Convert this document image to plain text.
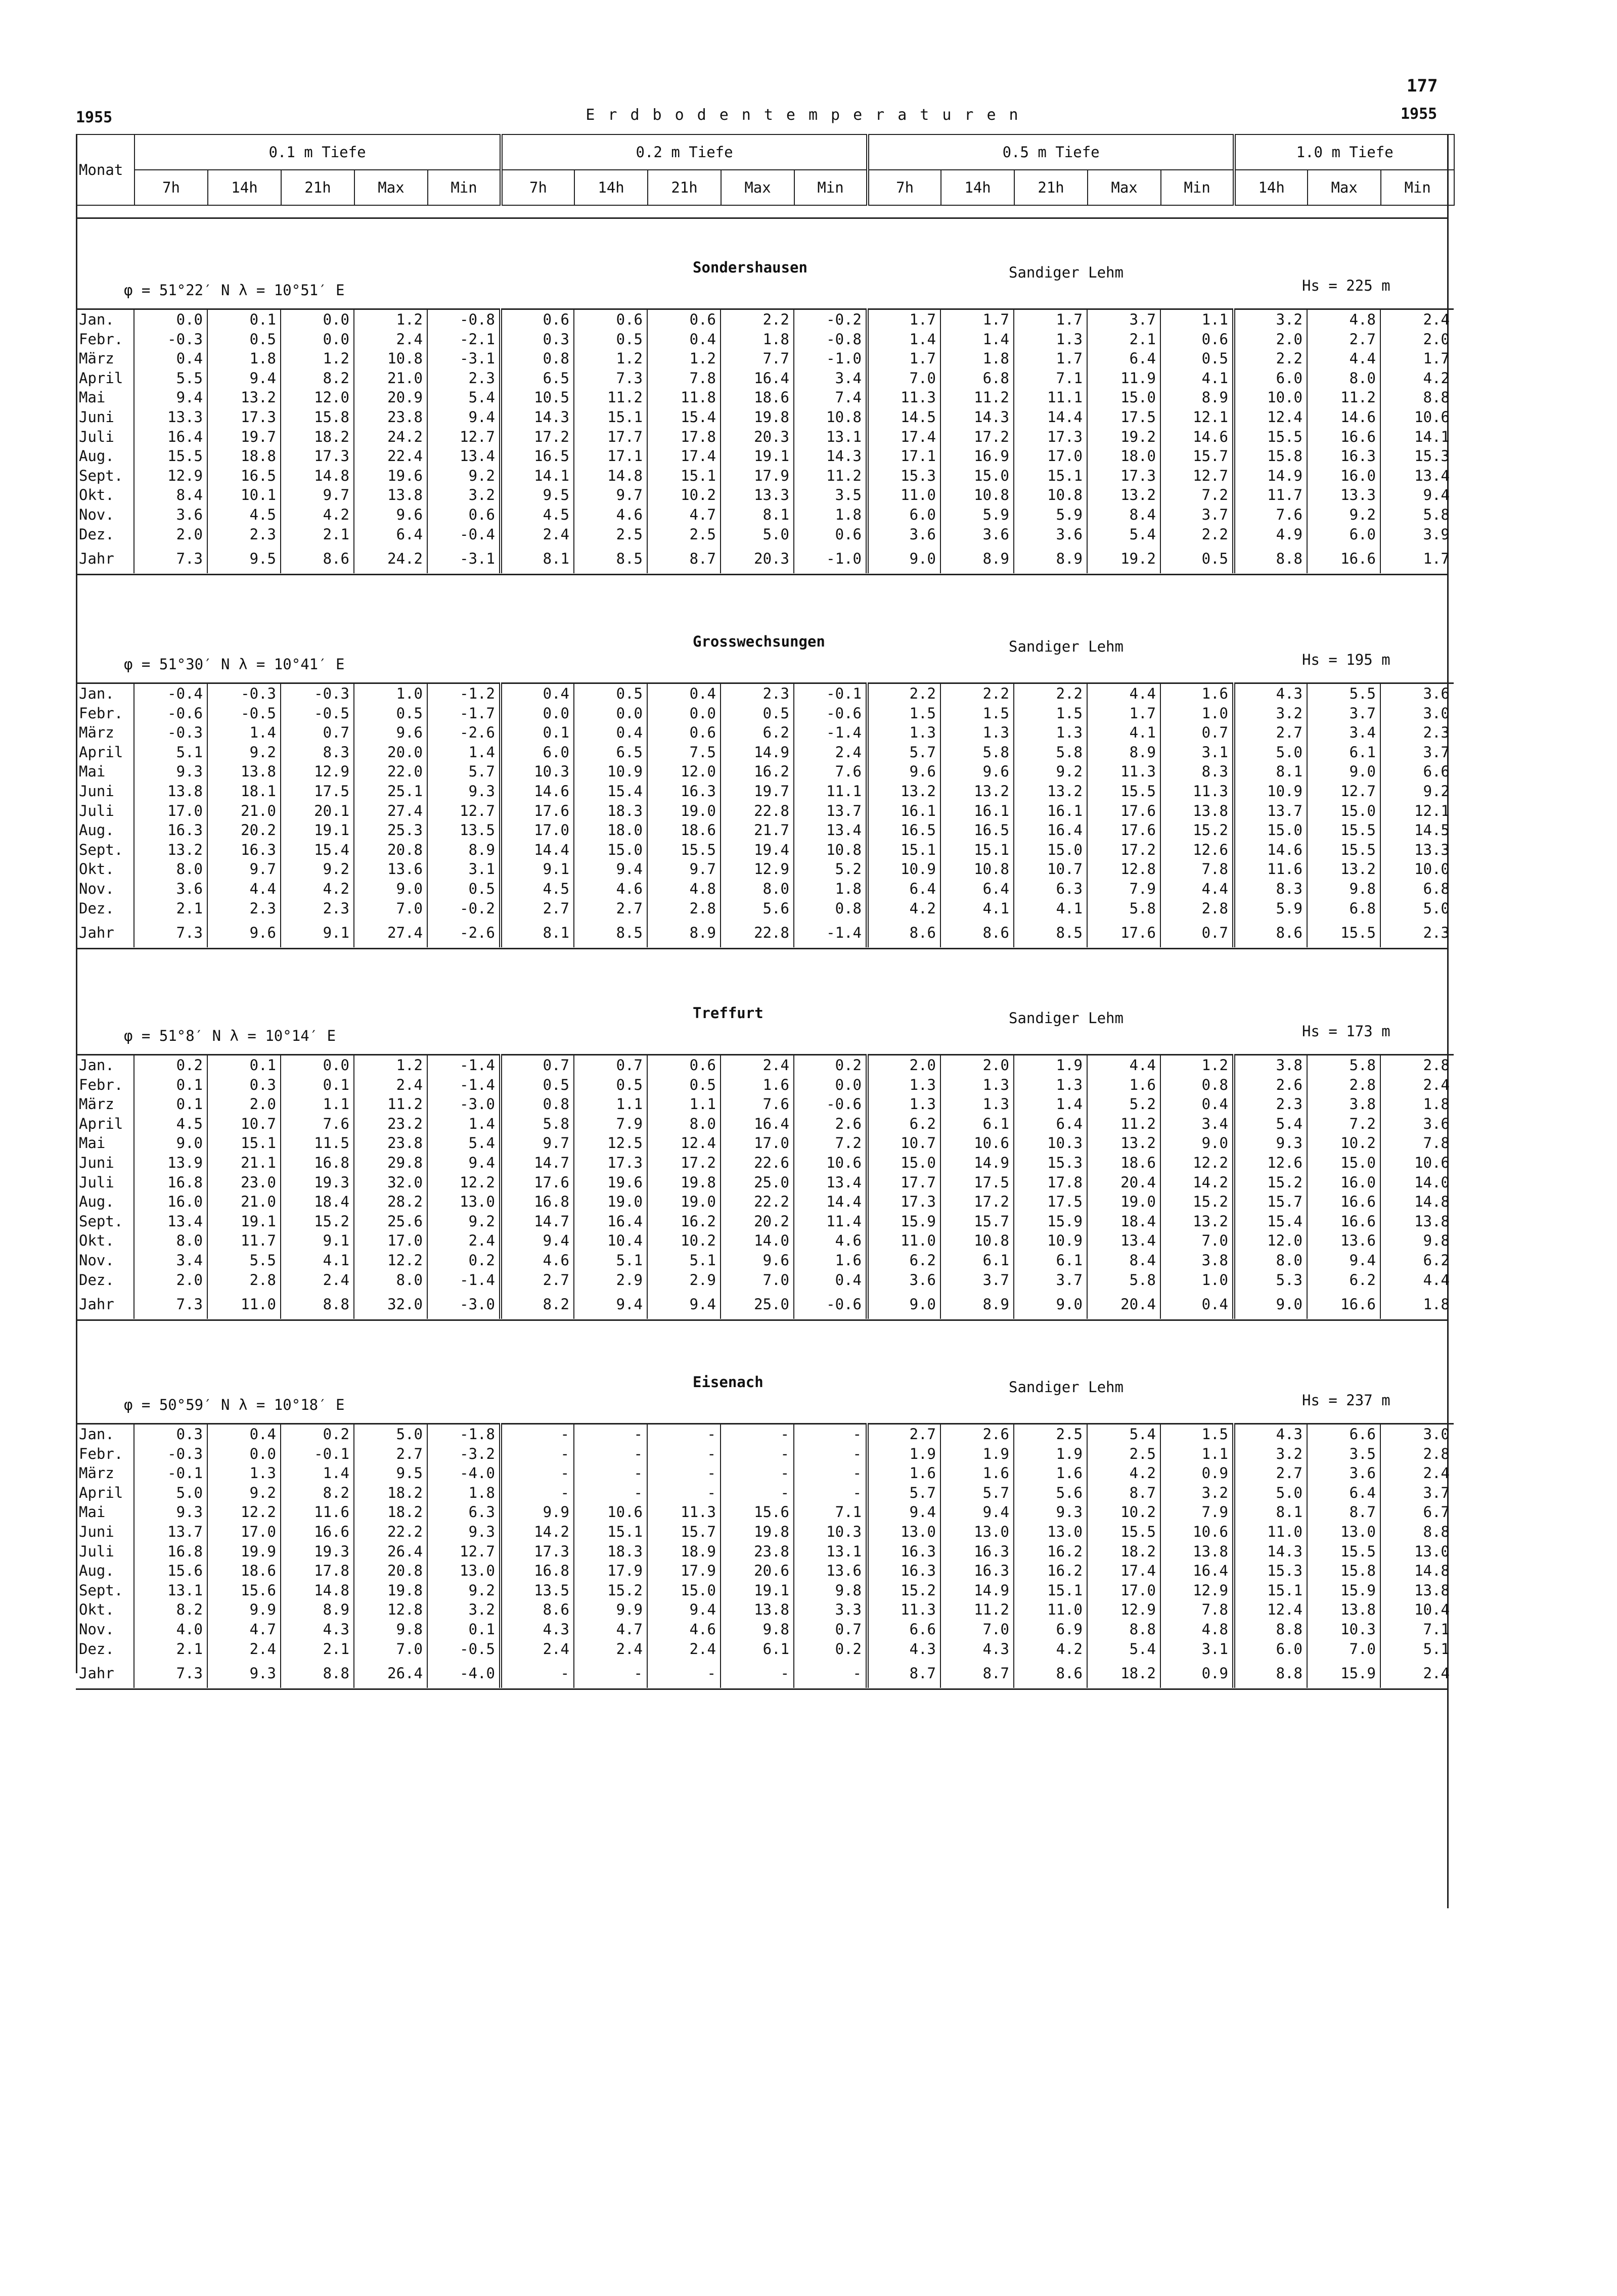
1955	Erdbodentemperaturen
177
1955
Monat	0.1 m Tiefe					0.2 m Tiefe					0.5 m Tiefe					1.0 m Tiefe		
	7h	14h	21h	Max	Min	7h	14h	21h	Max	Min	7h	14h	21h	Max	Min	14h	Max	Min
Sondershausen
φ = 51°22′ N λ = 10°51′ E
Sandiger Lehm
Hs = 225 m
Jan.	0.0	0.1	0.0	1.2	-0.8	0.6	0.6	0.6	2.2	-0.2	1.7	1.7	1.7	3.7	1.1	3.2	4.8	2.4
Febr.	-0.3	0.5	0.0	2.4	-2.1	0.3	0.5	0.4	1.8	-0.8	1.4	1.4	1.3	2.1	0.6	2.0	2.7	2.0
März	0.4	1.8	1.2	10.8	-3.1	0.8	1.2	1.2	7.7	-1.0	1.7	1.8	1.7	6.4	0.5	2.2	4.4	1.7
April	5.5	9.4	8.2	21.0	2.3	6.5	7.3	7.8	16.4	3.4	7.0	6.8	7.1	11.9	4.1	6.0	8.0	4.2
Mai	9.4	13.2	12.0	20.9	5.4	10.5	11.2	11.8	18.6	7.4	11.3	11.2	11.1	15.0	8.9	10.0	11.2	8.8
Juni	13.3	17.3	15.8	23.8	9.4	14.3	15.1	15.4	19.8	10.8	14.5	14.3	14.4	17.5	12.1	12.4	14.6	10.6
Juli	16.4	19.7	18.2	24.2	12.7	17.2	17.7	17.8	20.3	13.1	17.4	17.2	17.3	19.2	14.6	15.5	16.6	14.1
Aug.	15.5	18.8	17.3	22.4	13.4	16.5	17.1	17.4	19.1	14.3	17.1	16.9	17.0	18.0	15.7	15.8	16.3	15.3
Sept.	12.9	16.5	14.8	19.6	9.2	14.1	14.8	15.1	17.9	11.2	15.3	15.0	15.1	17.3	12.7	14.9	16.0	13.4
Okt.	8.4	10.1	9.7	13.8	3.2	9.5	9.7	10.2	13.3	3.5	11.0	10.8	10.8	13.2	7.2	11.7	13.3	9.4
Nov.	3.6	4.5	4.2	9.6	0.6	4.5	4.6	4.7	8.1	1.8	6.0	5.9	5.9	8.4	3.7	7.6	9.2	5.8
Dez.	2.0	2.3	2.1	6.4	-0.4	2.4	2.5	2.5	5.0	0.6	3.6	3.6	3.6	5.4	2.2	4.9	6.0	3.9
Jahr	7.3	9.5	8.6	24.2	-3.1	8.1	8.5	8.7	20.3	-1.0	9.0	8.9	8.9	19.2	0.5	8.8	16.6	1.7
Grosswechsungen
φ = 51°30′ N λ = 10°41′ E
Sandiger Lehm
Hs = 195 m
Jan.	-0.4	-0.3	-0.3	1.0	-1.2	0.4	0.5	0.4	2.3	-0.1	2.2	2.2	2.2	4.4	1.6	4.3	5.5	3.6
Febr.	-0.6	-0.5	-0.5	0.5	-1.7	0.0	0.0	0.0	0.5	-0.6	1.5	1.5	1.5	1.7	1.0	3.2	3.7	3.0
März	-0.3	1.4	0.7	9.6	-2.6	0.1	0.4	0.6	6.2	-1.4	1.3	1.3	1.3	4.1	0.7	2.7	3.4	2.3
April	5.1	9.2	8.3	20.0	1.4	6.0	6.5	7.5	14.9	2.4	5.7	5.8	5.8	8.9	3.1	5.0	6.1	3.7
Mai	9.3	13.8	12.9	22.0	5.7	10.3	10.9	12.0	16.2	7.6	9.6	9.6	9.2	11.3	8.3	8.1	9.0	6.6
Juni	13.8	18.1	17.5	25.1	9.3	14.6	15.4	16.3	19.7	11.1	13.2	13.2	13.2	15.5	11.3	10.9	12.7	9.2
Juli	17.0	21.0	20.1	27.4	12.7	17.6	18.3	19.0	22.8	13.7	16.1	16.1	16.1	17.6	13.8	13.7	15.0	12.1
Aug.	16.3	20.2	19.1	25.3	13.5	17.0	18.0	18.6	21.7	13.4	16.5	16.5	16.4	17.6	15.2	15.0	15.5	14.5
Sept.	13.2	16.3	15.4	20.8	8.9	14.4	15.0	15.5	19.4	10.8	15.1	15.1	15.0	17.2	12.6	14.6	15.5	13.3
Okt.	8.0	9.7	9.2	13.6	3.1	9.1	9.4	9.7	12.9	5.2	10.9	10.8	10.7	12.8	7.8	11.6	13.2	10.0
Nov.	3.6	4.4	4.2	9.0	0.5	4.5	4.6	4.8	8.0	1.8	6.4	6.4	6.3	7.9	4.4	8.3	9.8	6.8
Dez.	2.1	2.3	2.3	7.0	-0.2	2.7	2.7	2.8	5.6	0.8	4.2	4.1	4.1	5.8	2.8	5.9	6.8	5.0
Jahr	7.3	9.6	9.1	27.4	-2.6	8.1	8.5	8.9	22.8	-1.4	8.6	8.6	8.5	17.6	0.7	8.6	15.5	2.3
Treffurt
φ = 51°8′ N λ = 10°14′ E
Sandiger Lehm
Hs = 173 m
Jan.	0.2	0.1	0.0	1.2	-1.4	0.7	0.7	0.6	2.4	0.2	2.0	2.0	1.9	4.4	1.2	3.8	5.8	2.8
Febr.	0.1	0.3	0.1	2.4	-1.4	0.5	0.5	0.5	1.6	0.0	1.3	1.3	1.3	1.6	0.8	2.6	2.8	2.4
März	0.1	2.0	1.1	11.2	-3.0	0.8	1.1	1.1	7.6	-0.6	1.3	1.3	1.4	5.2	0.4	2.3	3.8	1.8
April	4.5	10.7	7.6	23.2	1.4	5.8	7.9	8.0	16.4	2.6	6.2	6.1	6.4	11.2	3.4	5.4	7.2	3.6
Mai	9.0	15.1	11.5	23.8	5.4	9.7	12.5	12.4	17.0	7.2	10.7	10.6	10.3	13.2	9.0	9.3	10.2	7.8
Juni	13.9	21.1	16.8	29.8	9.4	14.7	17.3	17.2	22.6	10.6	15.0	14.9	15.3	18.6	12.2	12.6	15.0	10.6
Juli	16.8	23.0	19.3	32.0	12.2	17.6	19.6	19.8	25.0	13.4	17.7	17.5	17.8	20.4	14.2	15.2	16.0	14.0
Aug.	16.0	21.0	18.4	28.2	13.0	16.8	19.0	19.0	22.2	14.4	17.3	17.2	17.5	19.0	15.2	15.7	16.6	14.8
Sept.	13.4	19.1	15.2	25.6	9.2	14.7	16.4	16.2	20.2	11.4	15.9	15.7	15.9	18.4	13.2	15.4	16.6	13.8
Okt.	8.0	11.7	9.1	17.0	2.4	9.4	10.4	10.2	14.0	4.6	11.0	10.8	10.9	13.4	7.0	12.0	13.6	9.8
Nov.	3.4	5.5	4.1	12.2	0.2	4.6	5.1	5.1	9.6	1.6	6.2	6.1	6.1	8.4	3.8	8.0	9.4	6.2
Dez.	2.0	2.8	2.4	8.0	-1.4	2.7	2.9	2.9	7.0	0.4	3.6	3.7	3.7	5.8	1.0	5.3	6.2	4.4
Jahr	7.3	11.0	8.8	32.0	-3.0	8.2	9.4	9.4	25.0	-0.6	9.0	8.9	9.0	20.4	0.4	9.0	16.6	1.8
Eisenach
φ = 50°59′ N λ = 10°18′ E
Sandiger Lehm
Hs = 237 m
Jan.	0.3	0.4	0.2	5.0	-1.8	-	-	-	-	-	2.7	2.6	2.5	5.4	1.5	4.3	6.6	3.0
Febr.	-0.3	0.0	-0.1	2.7	-3.2	-	-	-	-	-	1.9	1.9	1.9	2.5	1.1	3.2	3.5	2.8
März	-0.1	1.3	1.4	9.5	-4.0	-	-	-	-	-	1.6	1.6	1.6	4.2	0.9	2.7	3.6	2.4
April	5.0	9.2	8.2	18.2	1.8	-	-	-	-	-	5.7	5.7	5.6	8.7	3.2	5.0	6.4	3.7
Mai	9.3	12.2	11.6	18.2	6.3	9.9	10.6	11.3	15.6	7.1	9.4	9.4	9.3	10.2	7.9	8.1	8.7	6.7
Juni	13.7	17.0	16.6	22.2	9.3	14.2	15.1	15.7	19.8	10.3	13.0	13.0	13.0	15.5	10.6	11.0	13.0	8.8
Juli	16.8	19.9	19.3	26.4	12.7	17.3	18.3	18.9	23.8	13.1	16.3	16.3	16.2	18.2	13.8	14.3	15.5	13.0
Aug.	15.6	18.6	17.8	20.8	13.0	16.8	17.9	17.9	20.6	13.6	16.3	16.3	16.2	17.4	16.4	15.3	15.8	14.8
Sept.	13.1	15.6	14.8	19.8	9.2	13.5	15.2	15.0	19.1	9.8	15.2	14.9	15.1	17.0	12.9	15.1	15.9	13.8
Okt.	8.2	9.9	8.9	12.8	3.2	8.6	9.9	9.4	13.8	3.3	11.3	11.2	11.0	12.9	7.8	12.4	13.8	10.4
Nov.	4.0	4.7	4.3	9.8	0.1	4.3	4.7	4.6	9.8	0.7	6.6	7.0	6.9	8.8	4.8	8.8	10.3	7.1
Dez.	2.1	2.4	2.1	7.0	-0.5	2.4	2.4	2.4	6.1	0.2	4.3	4.3	4.2	5.4	3.1	6.0	7.0	5.1
Jahr	7.3	9.3	8.8	26.4	-4.0	-	-	-	-	-	8.7	8.7	8.6	18.2	0.9	8.8	15.9	2.4
